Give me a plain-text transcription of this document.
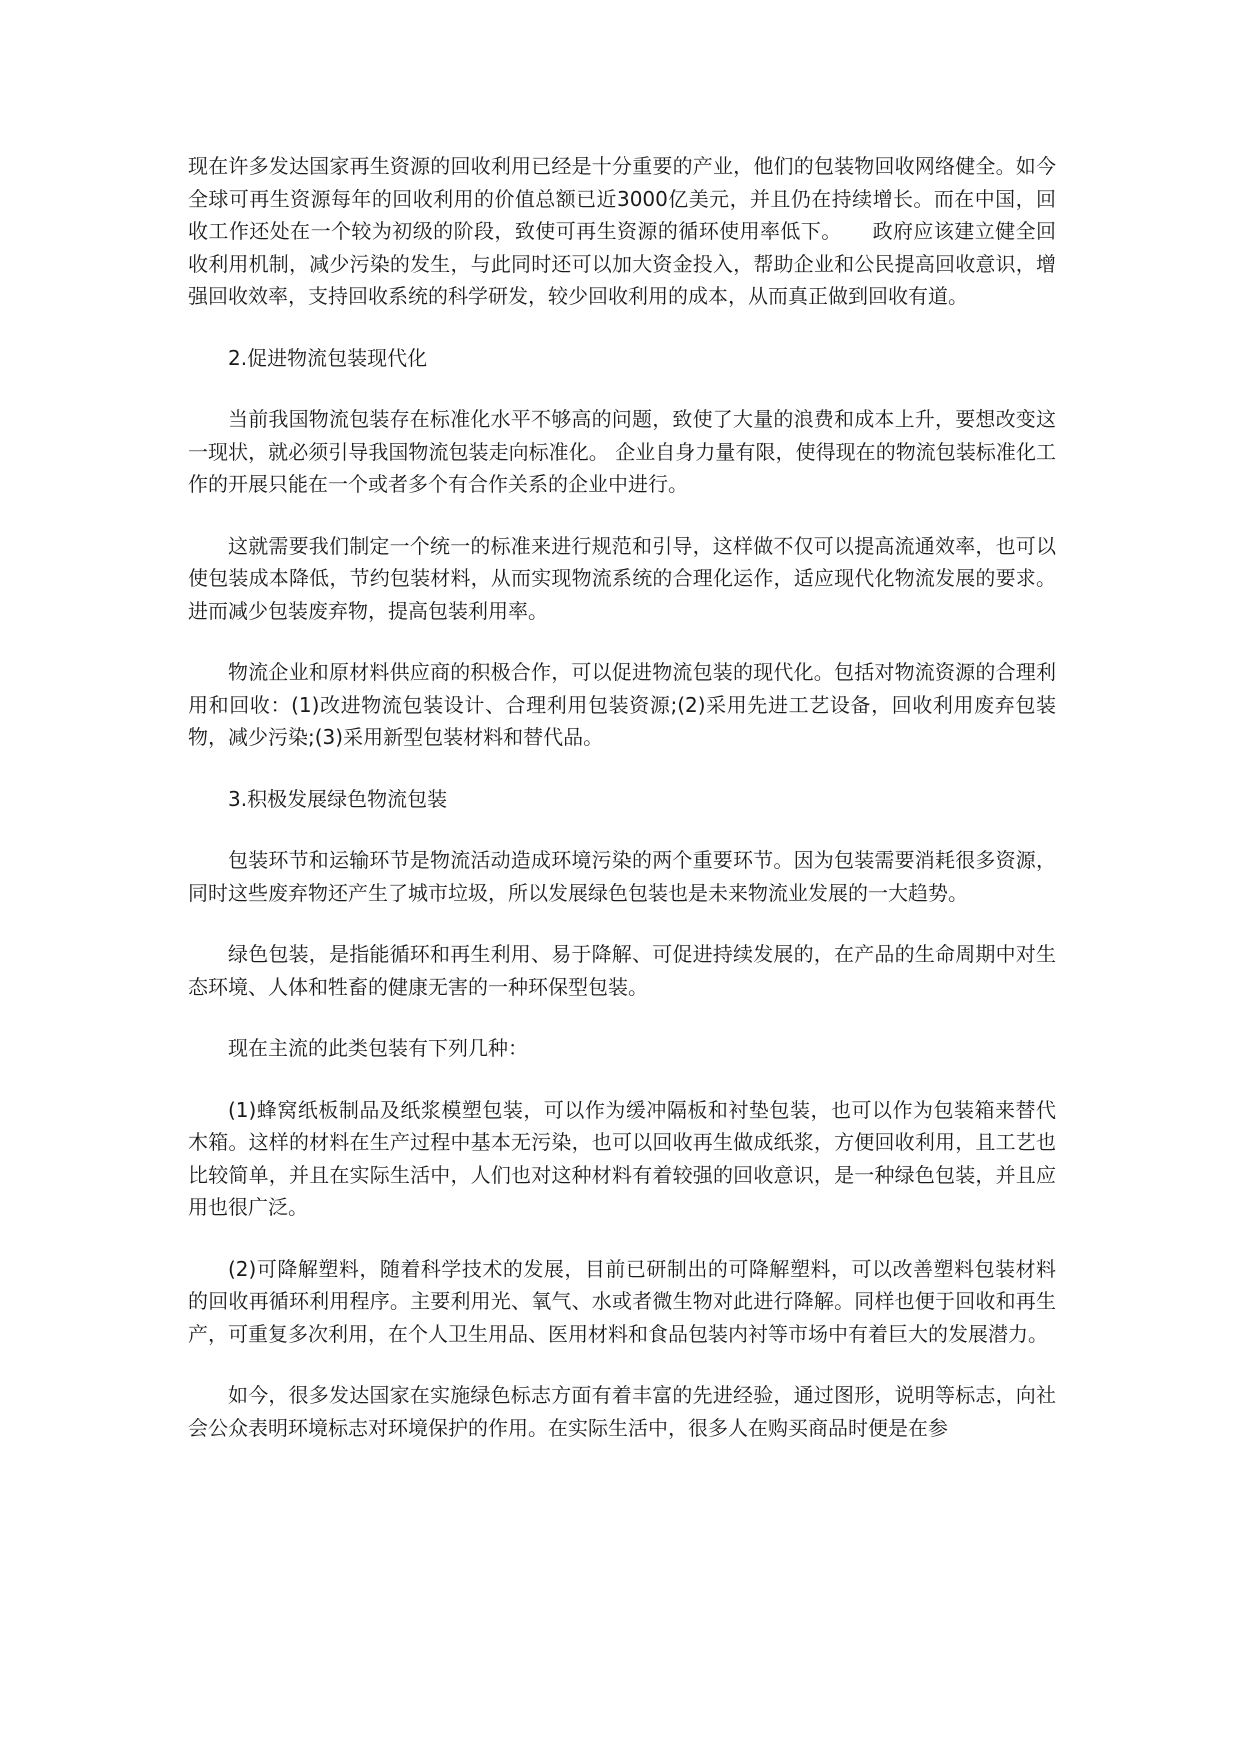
现在许多发达国家再生资源的回收利用已经是十分重要的产业，他们的包装物回收网络健全。如今全球可再生资源每年的回收利用的价值总额已近3000亿美元，并且仍在持续增长。而在中国，回收工作还处在一个较为初级的阶段，致使可再生资源的循环使用率低下。　　政府应该建立健全回收利用机制，减少污染的发生，与此同时还可以加大资金投入，帮助企业和公民提高回收意识，增强回收效率，支持回收系统的科学研发，较少回收利用的成本，从而真正做到回收有道。

2.促进物流包装现代化

当前我国物流包装存在标准化水平不够高的问题，致使了大量的浪费和成本上升，要想改变这一现状，就必须引导我国物流包装走向标准化。 企业自身力量有限，使得现在的物流包装标准化工作的开展只能在一个或者多个有合作关系的企业中进行。

这就需要我们制定一个统一的标准来进行规范和引导，这样做不仅可以提高流通效率，也可以使包装成本降低，节约包装材料，从而实现物流系统的合理化运作，适应现代化物流发展的要求。进而减少包装废弃物，提高包装利用率。

物流企业和原材料供应商的积极合作，可以促进物流包装的现代化。包括对物流资源的合理利用和回收：(1)改进物流包装设计、合理利用包装资源;(2)采用先进工艺设备，回收利用废弃包装物，减少污染;(3)采用新型包装材料和替代品。

3.积极发展绿色物流包装

包装环节和运输环节是物流活动造成环境污染的两个重要环节。因为包装需要消耗很多资源，同时这些废弃物还产生了城市垃圾，所以发展绿色包装也是未来物流业发展的一大趋势。

绿色包装，是指能循环和再生利用、易于降解、可促进持续发展的，在产品的生命周期中对生态环境、人体和牲畜的健康无害的一种环保型包装。

现在主流的此类包装有下列几种：

(1)蜂窝纸板制品及纸浆模塑包装，可以作为缓冲隔板和衬垫包装，也可以作为包装箱来替代木箱。这样的材料在生产过程中基本无污染，也可以回收再生做成纸浆，方便回收利用，且工艺也比较简单，并且在实际生活中，人们也对这种材料有着较强的回收意识，是一种绿色包装，并且应用也很广泛。

(2)可降解塑料，随着科学技术的发展，目前已研制出的可降解塑料，可以改善塑料包装材料的回收再循环利用程序。主要利用光、氧气、水或者微生物对此进行降解。同样也便于回收和再生产，可重复多次利用，在个人卫生用品、医用材料和食品包装内衬等市场中有着巨大的发展潜力。

如今，很多发达国家在实施绿色标志方面有着丰富的先进经验，通过图形，说明等标志，向社会公众表明环境标志对环境保护的作用。在实际生活中，很多人在购买商品时便是在参
